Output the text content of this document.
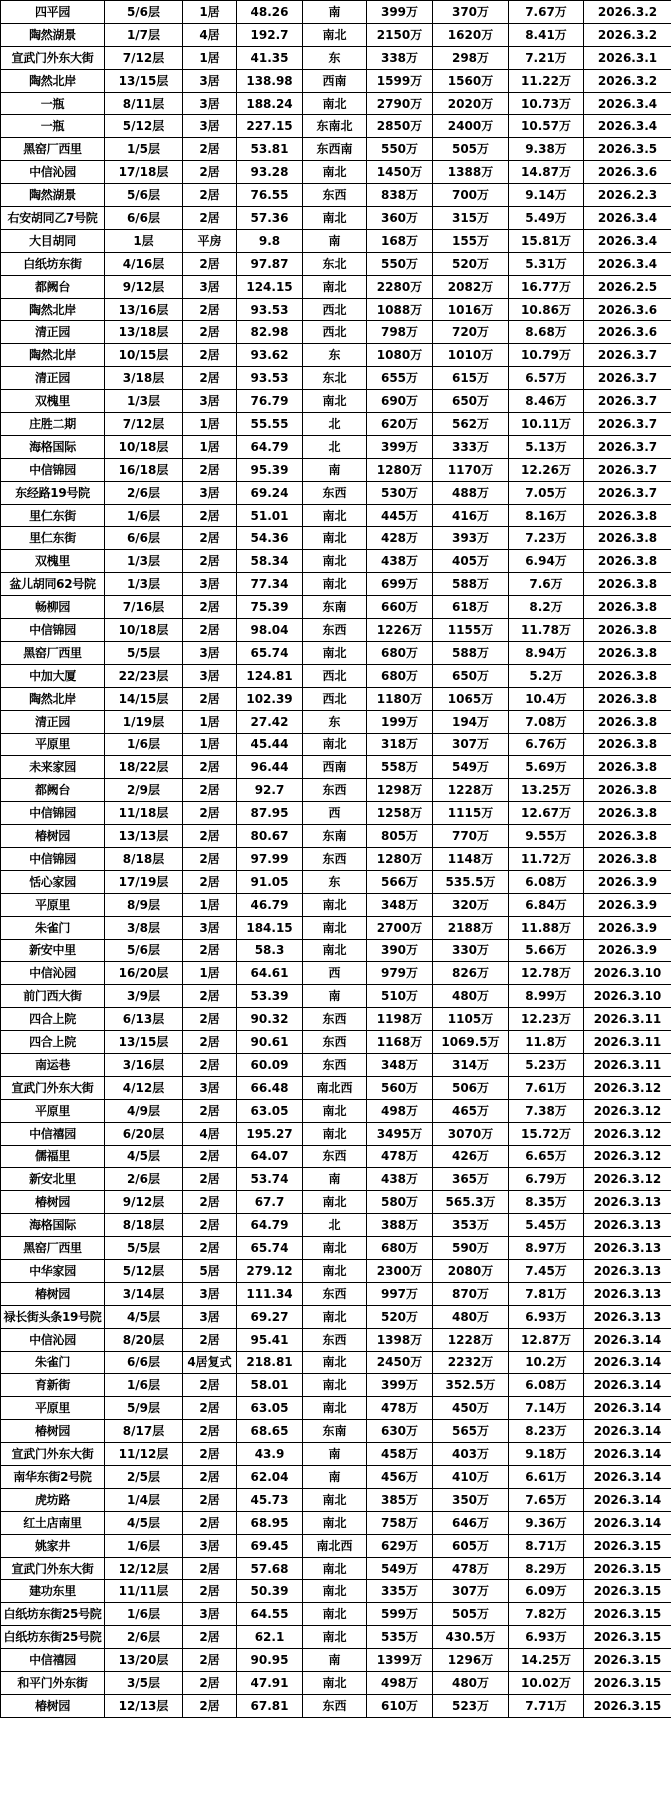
四平园	5/6层	1居	48.26	南	399万	370万	7.67万	2026.3.2
陶然湖景	1/7层	4居	192.7	南北	2150万	1620万	8.41万	2026.3.2
宣武门外东大街	7/12层	1居	41.35	东	338万	298万	7.21万	2026.3.1
陶然北岸	13/15层	3居	138.98	西南	1599万	1560万	11.22万	2026.3.2
一瓶	8/11层	3居	188.24	南北	2790万	2020万	10.73万	2026.3.4
一瓶	5/12层	3居	227.15	东南北	2850万	2400万	10.57万	2026.3.4
黑窑厂西里	1/5层	2居	53.81	东西南	550万	505万	9.38万	2026.3.5
中信沁园	17/18层	2居	93.28	南北	1450万	1388万	14.87万	2026.3.6
陶然湖景	5/6层	2居	76.55	东西	838万	700万	9.14万	2026.2.3
右安胡同乙7号院	6/6层	2居	57.36	南北	360万	315万	5.49万	2026.3.4
大目胡同	1层	平房	9.8	南	168万	155万	15.81万	2026.3.4
白纸坊东街	4/16层	2居	97.87	东北	550万	520万	5.31万	2026.3.4
都阙台	9/12层	3居	124.15	南北	2280万	2082万	16.77万	2026.2.5
陶然北岸	13/16层	2居	93.53	西北	1088万	1016万	10.86万	2026.3.6
清正园	13/18层	2居	82.98	西北	798万	720万	8.68万	2026.3.6
陶然北岸	10/15层	2居	93.62	东	1080万	1010万	10.79万	2026.3.7
清正园	3/18层	2居	93.53	东北	655万	615万	6.57万	2026.3.7
双槐里	1/3层	3居	76.79	南北	690万	650万	8.46万	2026.3.7
庄胜二期	7/12层	1居	55.55	北	620万	562万	10.11万	2026.3.7
海格国际	10/18层	1居	64.79	北	399万	333万	5.13万	2026.3.7
中信锦园	16/18层	2居	95.39	南	1280万	1170万	12.26万	2026.3.7
东经路19号院	2/6层	3居	69.24	东西	530万	488万	7.05万	2026.3.7
里仁东街	1/6层	2居	51.01	南北	445万	416万	8.16万	2026.3.8
里仁东街	6/6层	2居	54.36	南北	428万	393万	7.23万	2026.3.8
双槐里	1/3层	2居	58.34	南北	438万	405万	6.94万	2026.3.8
盆儿胡同62号院	1/3层	3居	77.34	南北	699万	588万	7.6万	2026.3.8
畅柳园	7/16层	2居	75.39	东南	660万	618万	8.2万	2026.3.8
中信锦园	10/18层	2居	98.04	东西	1226万	1155万	11.78万	2026.3.8
黑窑厂西里	5/5层	3居	65.74	南北	680万	588万	8.94万	2026.3.8
中加大厦	22/23层	3居	124.81	西北	680万	650万	5.2万	2026.3.8
陶然北岸	14/15层	2居	102.39	西北	1180万	1065万	10.4万	2026.3.8
清正园	1/19层	1居	27.42	东	199万	194万	7.08万	2026.3.8
平原里	1/6层	1居	45.44	南北	318万	307万	6.76万	2026.3.8
未来家园	18/22层	2居	96.44	西南	558万	549万	5.69万	2026.3.8
都阙台	2/9层	2居	92.7	东西	1298万	1228万	13.25万	2026.3.8
中信锦园	11/18层	2居	87.95	西	1258万	1115万	12.67万	2026.3.8
椿树园	13/13层	2居	80.67	东南	805万	770万	9.55万	2026.3.8
中信锦园	8/18层	2居	97.99	东西	1280万	1148万	11.72万	2026.3.8
恬心家园	17/19层	2居	91.05	东	566万	535.5万	6.08万	2026.3.9
平原里	8/9层	1居	46.79	南北	348万	320万	6.84万	2026.3.9
朱雀门	3/8层	3居	184.15	南北	2700万	2188万	11.88万	2026.3.9
新安中里	5/6层	2居	58.3	南北	390万	330万	5.66万	2026.3.9
中信沁园	16/20层	1居	64.61	西	979万	826万	12.78万	2026.3.10
前门西大街	3/9层	2居	53.39	南	510万	480万	8.99万	2026.3.10
四合上院	6/13层	2居	90.32	东西	1198万	1105万	12.23万	2026.3.11
四合上院	13/15层	2居	90.61	东西	1168万	1069.5万	11.8万	2026.3.11
南运巷	3/16层	2居	60.09	东西	348万	314万	5.23万	2026.3.11
宣武门外东大街	4/12层	3居	66.48	南北西	560万	506万	7.61万	2026.3.12
平原里	4/9层	2居	63.05	南北	498万	465万	7.38万	2026.3.12
中信禧园	6/20层	4居	195.27	南北	3495万	3070万	15.72万	2026.3.12
儒福里	4/5层	2居	64.07	东西	478万	426万	6.65万	2026.3.12
新安北里	2/6层	2居	53.74	南	438万	365万	6.79万	2026.3.12
椿树园	9/12层	2居	67.7	南北	580万	565.3万	8.35万	2026.3.13
海格国际	8/18层	2居	64.79	北	388万	353万	5.45万	2026.3.13
黑窑厂西里	5/5层	2居	65.74	南北	680万	590万	8.97万	2026.3.13
中华家园	5/12层	5居	279.12	南北	2300万	2080万	7.45万	2026.3.13
椿树园	3/14层	3居	111.34	东西	997万	870万	7.81万	2026.3.13
禄长街头条19号院	4/5层	3居	69.27	南北	520万	480万	6.93万	2026.3.13
中信沁园	8/20层	2居	95.41	东西	1398万	1228万	12.87万	2026.3.14
朱雀门	6/6层	4居复式	218.81	南北	2450万	2232万	10.2万	2026.3.14
育新街	1/6层	2居	58.01	南北	399万	352.5万	6.08万	2026.3.14
平原里	5/9层	2居	63.05	南北	478万	450万	7.14万	2026.3.14
椿树园	8/17层	2居	68.65	东南	630万	565万	8.23万	2026.3.14
宣武门外东大街	11/12层	2居	43.9	南	458万	403万	9.18万	2026.3.14
南华东街2号院	2/5层	2居	62.04	南	456万	410万	6.61万	2026.3.14
虎坊路	1/4层	2居	45.73	南北	385万	350万	7.65万	2026.3.14
红土店南里	4/5层	2居	68.95	南北	758万	646万	9.36万	2026.3.14
姚家井	1/6层	3居	69.45	南北西	629万	605万	8.71万	2026.3.15
宣武门外东大街	12/12层	2居	57.68	南北	549万	478万	8.29万	2026.3.15
建功东里	11/11层	2居	50.39	南北	335万	307万	6.09万	2026.3.15
白纸坊东街25号院	1/6层	3居	64.55	南北	599万	505万	7.82万	2026.3.15
白纸坊东街25号院	2/6层	2居	62.1	南北	535万	430.5万	6.93万	2026.3.15
中信禧园	13/20层	2居	90.95	南	1399万	1296万	14.25万	2026.3.15
和平门外东街	3/5层	2居	47.91	南北	498万	480万	10.02万	2026.3.15
椿树园	12/13层	2居	67.81	东西	610万	523万	7.71万	2026.3.15
